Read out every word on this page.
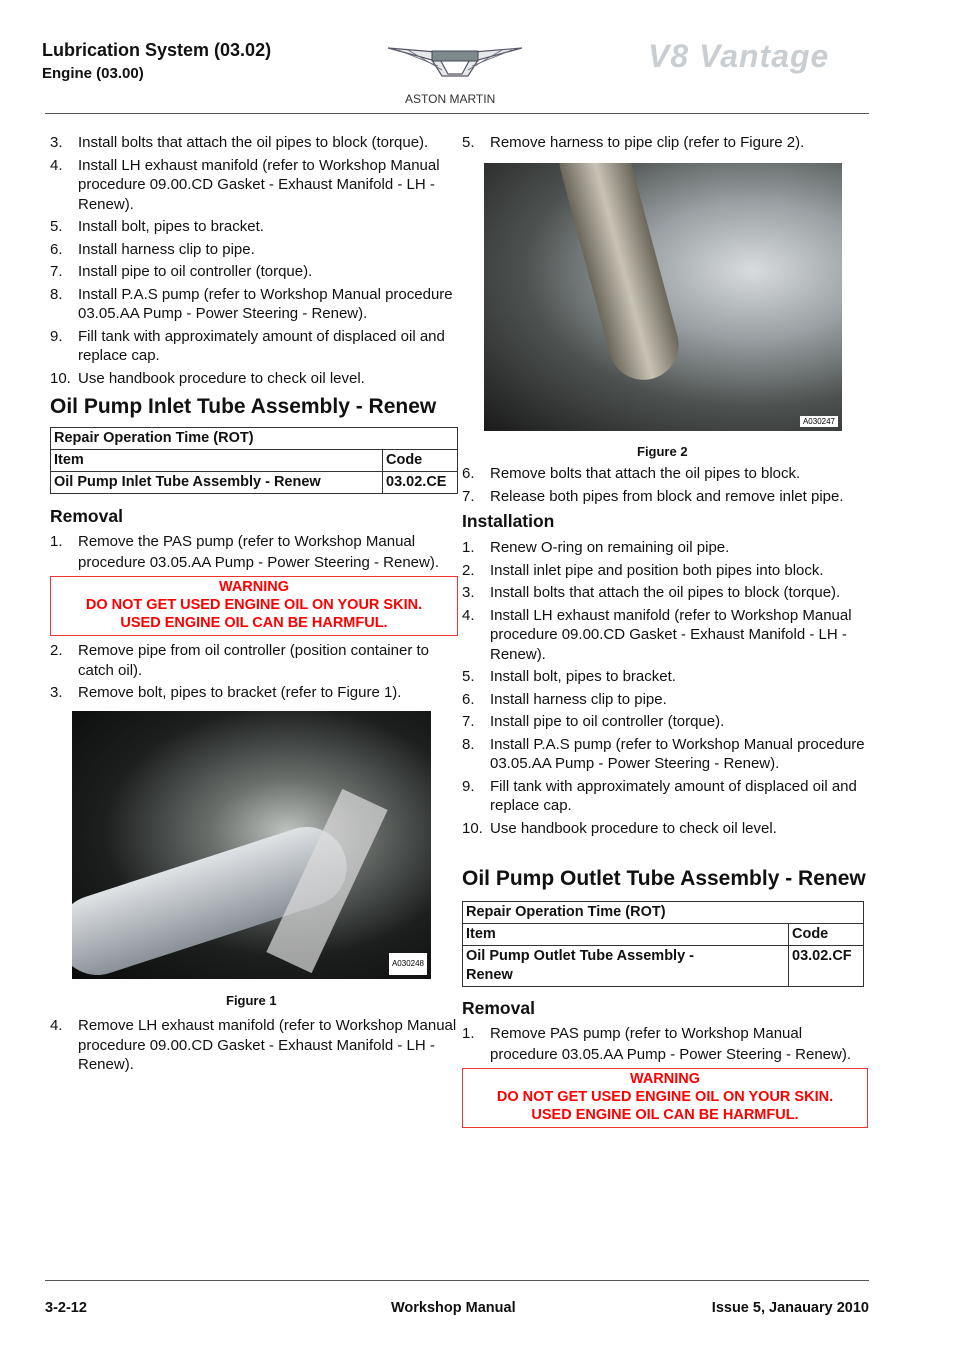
Lubrication System (03.02)
Engine (03.00)
ASTON MARTIN
V8 Vantage
3. Install bolts that attach the oil pipes to block (torque).
4. Install LH exhaust manifold (refer to Workshop Manual procedure 09.00.CD Gasket - Exhaust Manifold - LH - Renew).
5. Install bolt, pipes to bracket.
6. Install harness clip to pipe.
7. Install pipe to oil controller (torque).
8. Install P.A.S pump (refer to Workshop Manual procedure 03.05.AA Pump - Power Steering - Renew).
9. Fill tank with approximately amount of displaced oil and replace cap.
10. Use handbook procedure to check oil level.
Oil Pump Inlet Tube Assembly - Renew
Repair Operation Time (ROT)	
Item	Code
Oil Pump Inlet Tube Assembly - Renew	03.02.CE
Removal
1. Remove the PAS pump (refer to Workshop Manual procedure 03.05.AA Pump - Power Steering - Renew).
WARNING
DO NOT GET USED ENGINE OIL ON YOUR SKIN.
USED ENGINE OIL CAN BE HARMFUL.
2. Remove pipe from oil controller (position container to catch oil).
3. Remove bolt, pipes to bracket (refer to Figure 1).
A030248
Figure 1
4. Remove LH exhaust manifold (refer to Workshop Manual procedure 09.00.CD Gasket - Exhaust Manifold - LH - Renew).
5. Remove harness to pipe clip (refer to Figure 2).
A030247
Figure 2
6. Remove bolts that attach the oil pipes to block.
7. Release both pipes from block and remove inlet pipe.
Installation
1. Renew O-ring on remaining oil pipe.
2. Install inlet pipe and position both pipes into block.
3. Install bolts that attach the oil pipes to block (torque).
4. Install LH exhaust manifold (refer to Workshop Manual procedure 09.00.CD Gasket - Exhaust Manifold - LH - Renew).
5. Install bolt, pipes to bracket.
6. Install harness clip to pipe.
7. Install pipe to oil controller (torque).
8. Install P.A.S pump (refer to Workshop Manual procedure 03.05.AA Pump - Power Steering - Renew).
9. Fill tank with approximately amount of displaced oil and replace cap.
10. Use handbook procedure to check oil level.
Oil Pump Outlet Tube Assembly - Renew
Repair Operation Time (ROT)	
Item	Code
Oil Pump Outlet Tube Assembly - Renew	03.02.CF
Removal
1. Remove PAS pump (refer to Workshop Manual procedure 03.05.AA Pump - Power Steering - Renew).
WARNING
DO NOT GET USED ENGINE OIL ON YOUR SKIN.
USED ENGINE OIL CAN BE HARMFUL.
3-2-12	Workshop Manual	Issue 5, Janauary 2010
